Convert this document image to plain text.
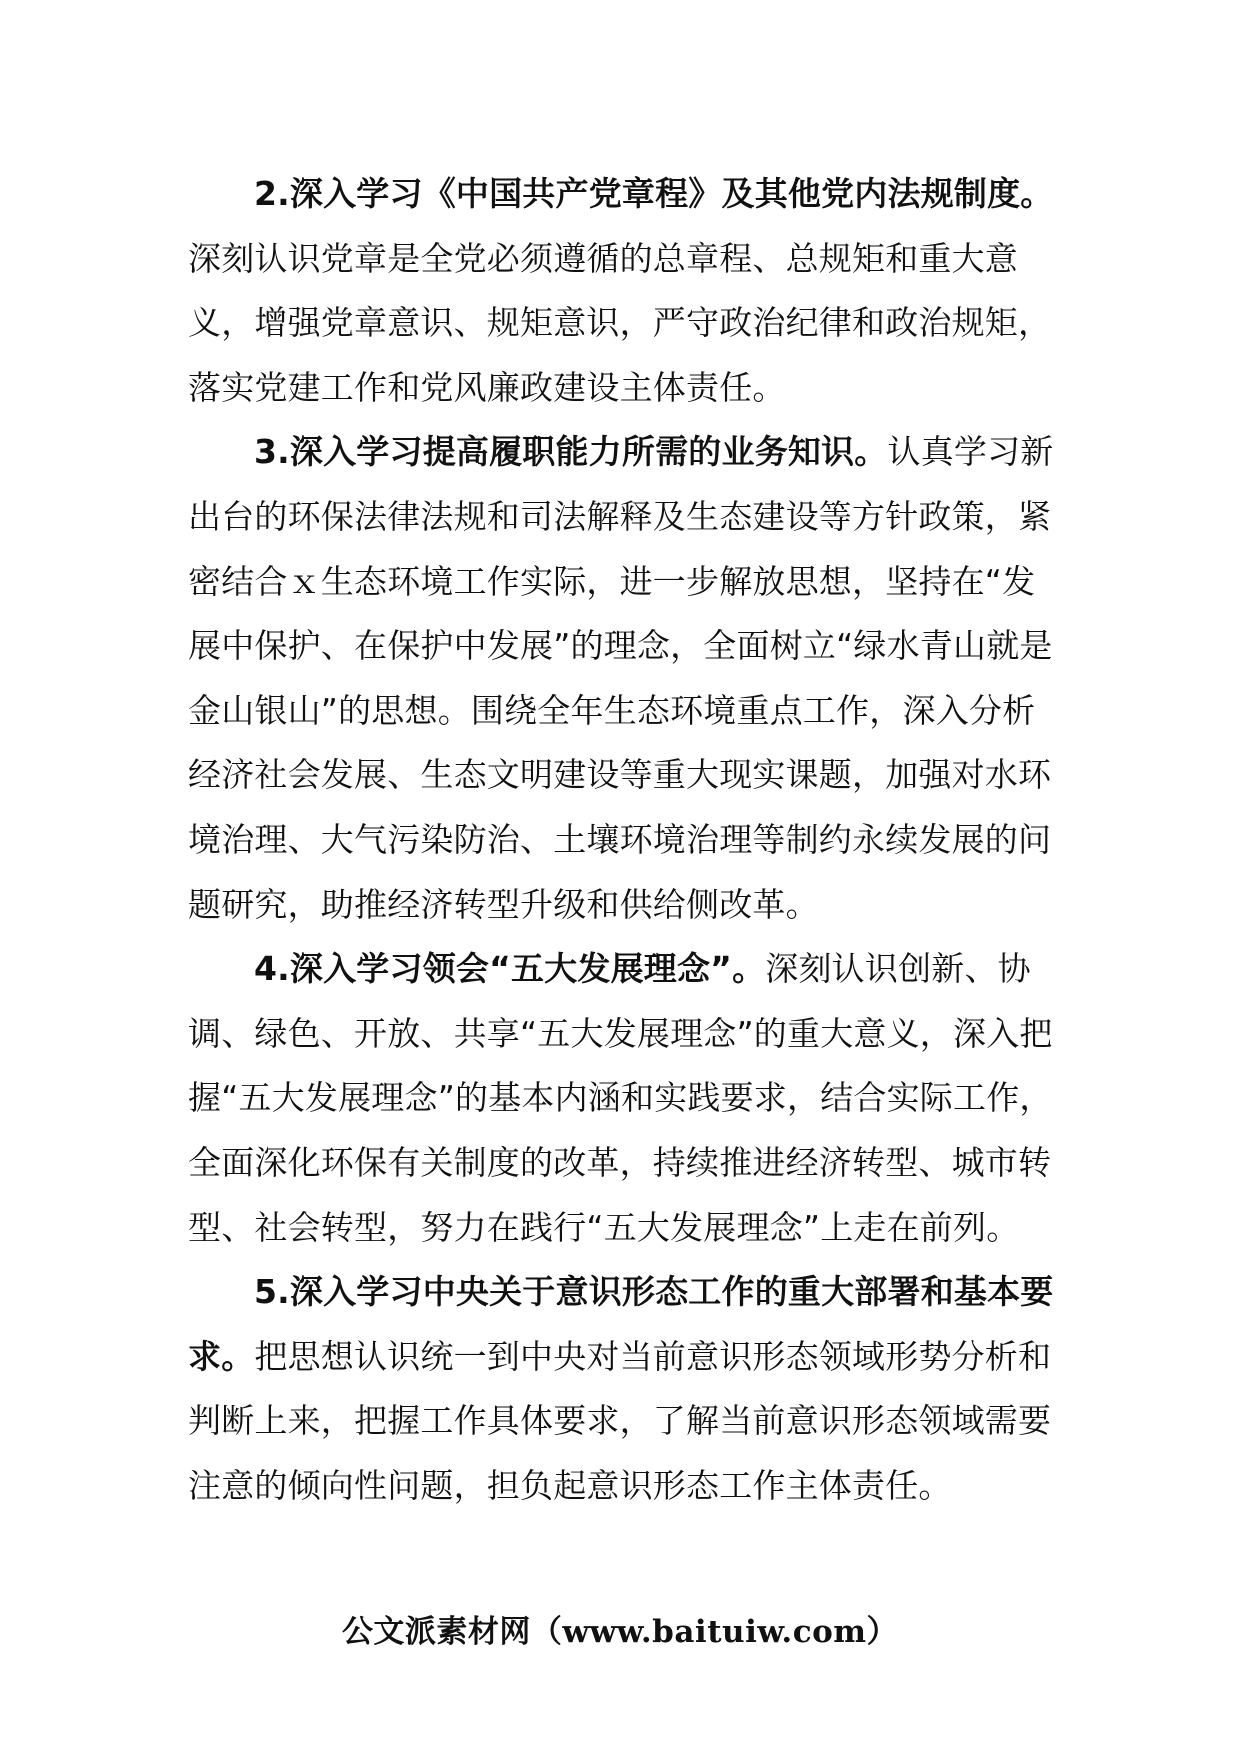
2.深入学习《中国共产党章程》及其他党内法规制度。深刻认识党章是全党必须遵循的总章程、总规矩和重大意义，增强党章意识、规矩意识，严守政治纪律和政治规矩，落实党建工作和党风廉政建设主体责任。

3.深入学习提高履职能力所需的业务知识。认真学习新出台的环保法律法规和司法解释及生态建设等方针政策，紧密结合ｘ生态环境工作实际，进一步解放思想，坚持在“发展中保护、在保护中发展”的理念，全面树立“绿水青山就是金山银山”的思想。围绕全年生态环境重点工作，深入分析经济社会发展、生态文明建设等重大现实课题，加强对水环境治理、大气污染防治、土壤环境治理等制约永续发展的问题研究，助推经济转型升级和供给侧改革。

4.深入学习领会“五大发展理念”。深刻认识创新、协调、绿色、开放、共享“五大发展理念”的重大意义，深入把握“五大发展理念”的基本内涵和实践要求，结合实际工作，全面深化环保有关制度的改革，持续推进经济转型、城市转型、社会转型，努力在践行“五大发展理念”上走在前列。

5.深入学习中央关于意识形态工作的重大部署和基本要求。把思想认识统一到中央对当前意识形态领域形势分析和判断上来，把握工作具体要求，了解当前意识形态领域需要注意的倾向性问题，担负起意识形态工作主体责任。

公文派素材网（www.baituiw.com）
